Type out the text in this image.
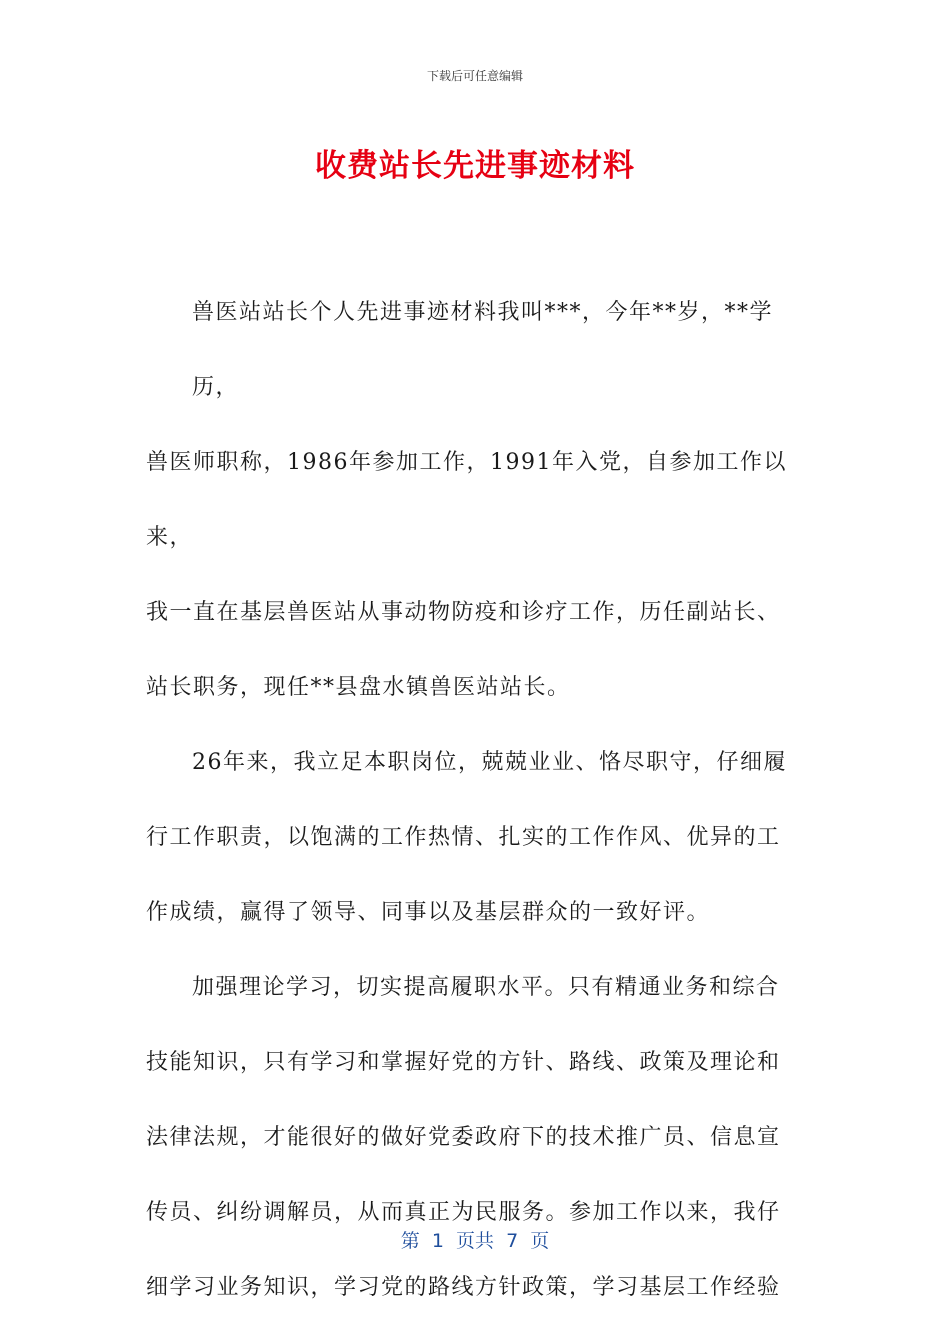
下载后可任意编辑
收费站长先进事迹材料

兽医站站长个人先进事迹材料我叫***，今年**岁，**学历，

兽医师职称，1986年参加工作，1991年入党，自参加工作以来，

我一直在基层兽医站从事动物防疫和诊疗工作，历任副站长、

站长职务，现任**县盘水镇兽医站站长。

26年来，我立足本职岗位，兢兢业业、恪尽职守，仔细履

行工作职责，以饱满的工作热情、扎实的工作作风、优异的工

作成绩，赢得了领导、同事以及基层群众的一致好评。

加强理论学习，切实提高履职水平。只有精通业务和综合

技能知识，只有学习和掌握好党的方针、路线、政策及理论和

法律法规，才能很好的做好党委政府下的技术推广员、信息宣

传员、纠纷调解员，从而真正为民服务。参加工作以来，我仔

细学习业务知识，学习党的路线方针政策，学习基层工作经验

第  1  页共  7  页
